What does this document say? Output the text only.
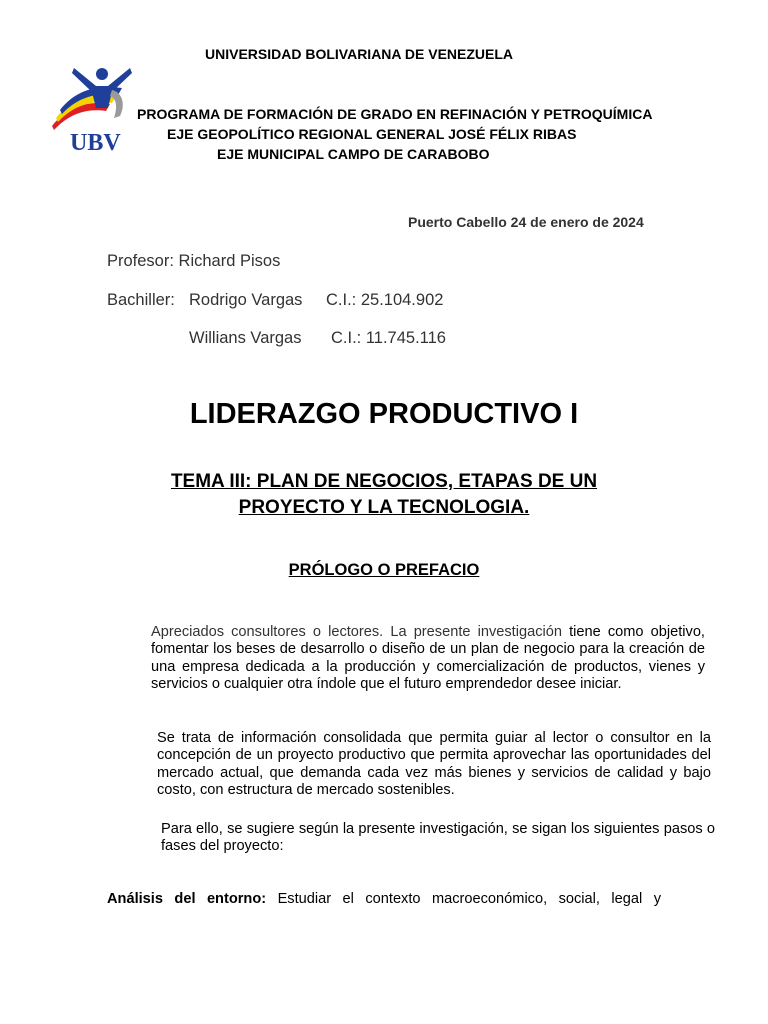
UNIVERSIDAD BOLIVARIANA DE VENEZUELA
UBV
PROGRAMA DE FORMACIÓN DE GRADO EN REFINACIÓN Y PETROQUÍMICA
EJE GEOPOLÍTICO REGIONAL GENERAL JOSÉ FÉLIX RIBAS
EJE MUNICIPAL CAMPO DE CARABOBO
Puerto Cabello 24 de enero de 2024
Profesor: Richard Pisos
Bachiller: Rodrigo Vargas C.I.: 25.104.902
Willians Vargas C.I.: 11.745.116
LIDERAZGO PRODUCTIVO I
TEMA III: PLAN DE NEGOCIOS, ETAPAS DE UN PROYECTO Y LA TECNOLOGIA.
PRÓLOGO O PREFACIO
Apreciados consultores o lectores. La presente investigación tiene como objetivo, fomentar los beses de desarrollo o diseño de un plan de negocio para la creación de una empresa dedicada a la producción y comercialización de productos, vienes y servicios o cualquier otra índole que el futuro emprendedor desee iniciar.
Se trata de información consolidada que permita guiar al lector o consultor en la concepción de un proyecto productivo que permita aprovechar las oportunidades del mercado actual, que demanda cada vez más bienes y servicios de calidad y bajo costo, con estructura de mercado sostenibles.
Para ello, se sugiere según la presente investigación, se sigan los siguientes pasos o fases del proyecto:
Análisis del entorno: Estudiar el contexto macroeconómico, social, legal y
